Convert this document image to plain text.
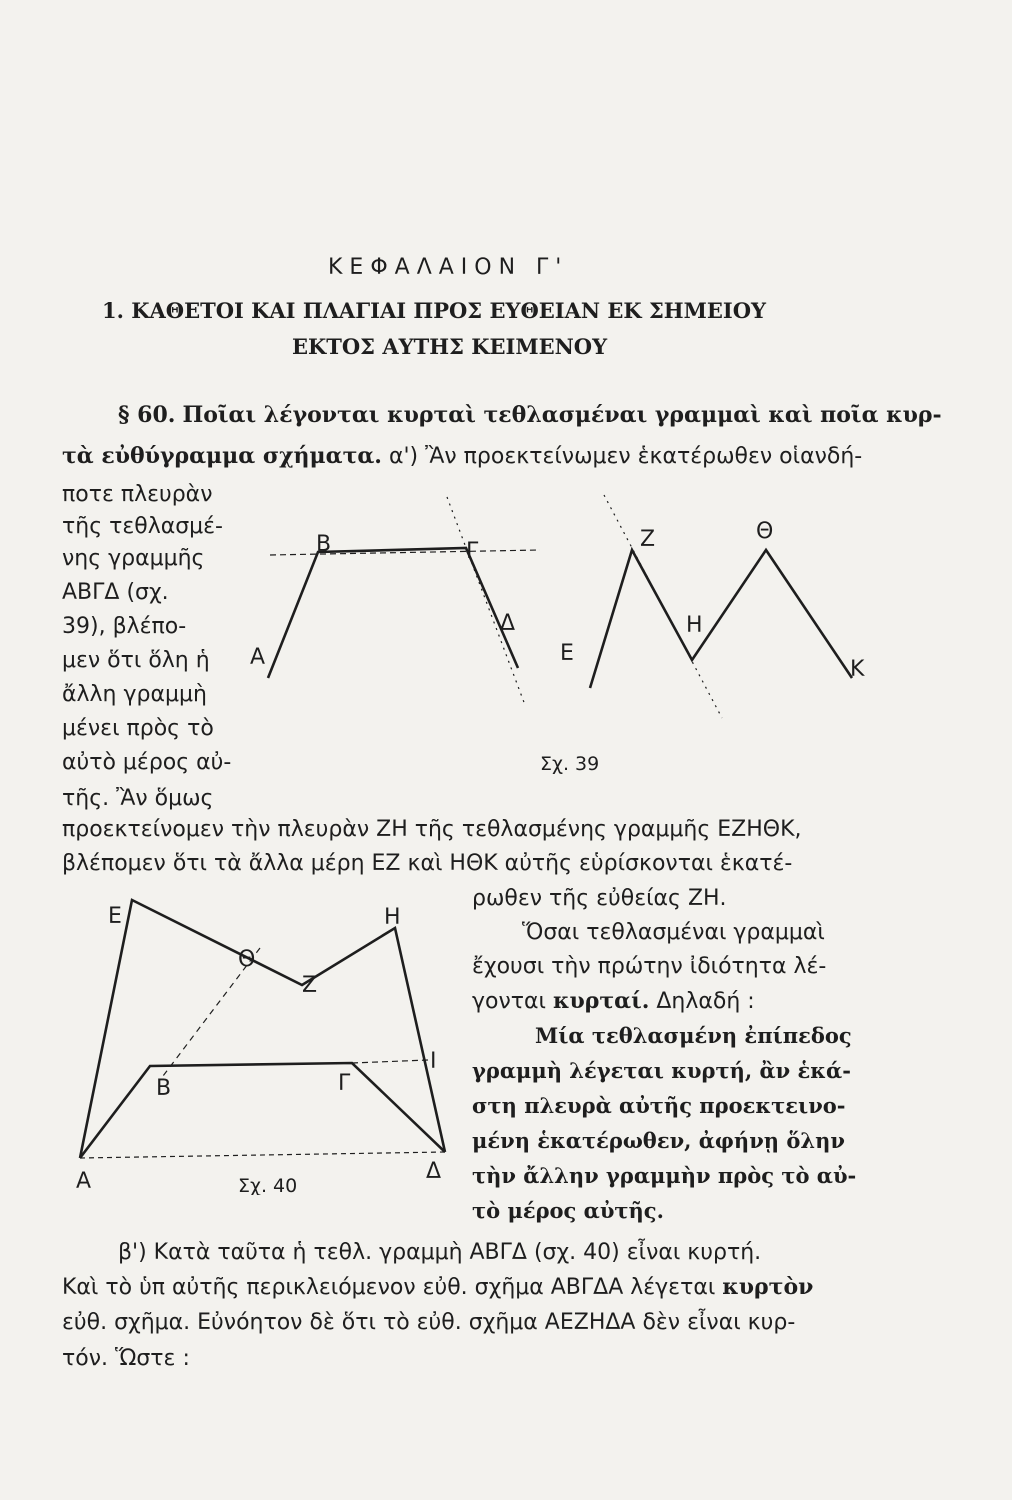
ΚΕΦΑΛΑΙΟΝ Γ'
1. ΚΑΘΕΤΟΙ ΚΑΙ ΠΛΑΓΙΑΙ ΠΡΟΣ ΕΥΘΕΙΑΝ ΕΚ ΣΗΜΕΙΟΥ
ΕΚΤΟΣ ΑΥΤΗΣ ΚΕΙΜΕΝΟΥ
§ 60. Ποῖαι λέγονται κυρταὶ τεθλασμέναι γραμμαὶ καὶ ποῖα κυρ-
τὰ εὐθύγραμμα σχήματα. α') Ἂν προεκτείνωμεν ἑκατέρωθεν οἱανδή-
ποτε πλευρὰν
τῆς τεθλασμέ-
νης γραμμῆς
ΑΒΓΔ (σχ.
39), βλέπο-
μεν ὅτι ὅλη ἡ
ἄλλη γραμμὴ
μένει πρὸς τὸ
αὐτὸ μέρος αὐ-
τῆς. Ἂν ὅμως
Β	Γ
Α
Δ
Ε
Ζ
Η
Θ
Κ
Σχ. 39
προεκτείνομεν τὴν πλευρὰν ΖΗ τῆς τεθλασμένης γραμμῆς ΕΖΗΘΚ,
βλέπομεν ὅτι τὰ ἄλλα μέρη ΕΖ καὶ ΗΘΚ αὐτῆς εὑρίσκονται ἑκατέ-
Ε	Η
Θ
Ζ
Ι
Β	Γ
Α	Δ
Σχ. 40
ρωθεν τῆς εὐθείας ΖΗ.
Ὅσαι τεθλασμέναι γραμμαὶ
ἔχουσι τὴν πρώτην ἰδιότητα λέ-
γονται κυρταί. Δηλαδή :
Μία τεθλασμένη ἐπίπεδος
γραμμὴ λέγεται κυρτή, ἂν ἑκά-
στη πλευρὰ αὐτῆς προεκτεινο-
μένη ἑκατέρωθεν, ἀφήνῃ ὅλην
τὴν ἄλλην γραμμὴν πρὸς τὸ αὐ-
τὸ μέρος αὐτῆς.
β') Κατὰ ταῦτα ἡ τεθλ. γραμμὴ ΑΒΓΔ (σχ. 40) εἶναι κυρτή.
Καὶ τὸ ὑπ αὐτῆς περικλειόμενον εὐθ. σχῆμα ΑΒΓΔΑ λέγεται κυρτὸν
εὐθ. σχῆμα. Εὐνόητον δὲ ὅτι τὸ εὐθ. σχῆμα ΑΕΖΗΔΑ δὲν εἶναι κυρ-
τόν. Ὥστε :
